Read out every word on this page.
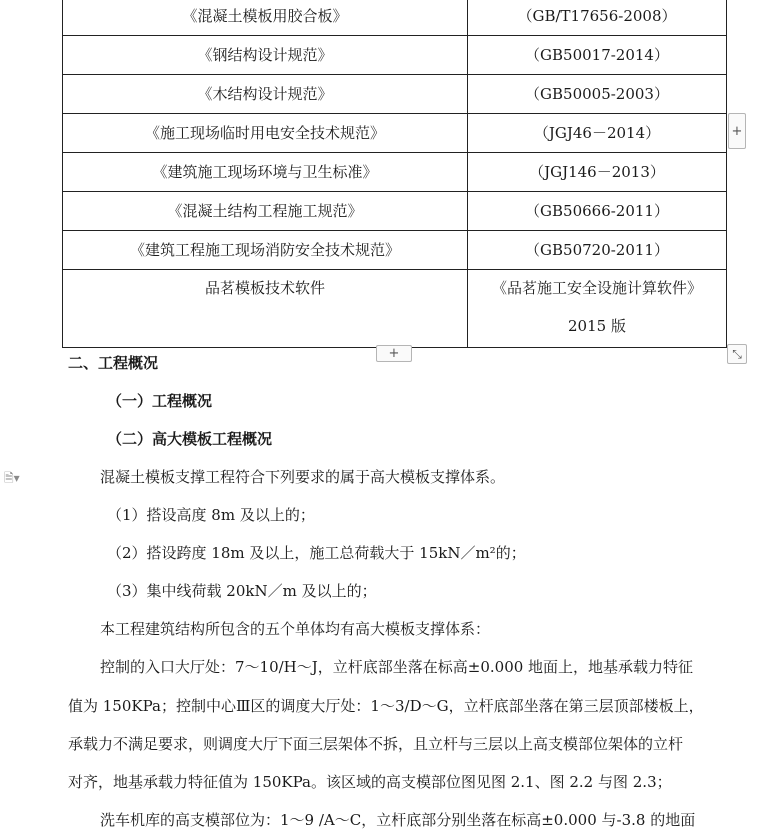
《混凝土模板用胶合板》	（GB/T17656-2008）
《钢结构设计规范》	（GB50017-2014）
《木结构设计规范》	（GB50005-2003）
《施工现场临时用电安全技术规范》	（JGJ46－2014）
《建筑施工现场环境与卫生标准》	（JGJ146－2013）
《混凝土结构工程施工规范》	（GB50666-2011）
《建筑工程施工现场消防安全技术规范》	（GB50720-2011）

品茗模板技术软件	《品茗施工安全设施计算软件》
2015 版
+
+	⤡
🗎▾
二、工程概况
（一）工程概况
（二）高大模板工程概况
混凝土模板支撑工程符合下列要求的属于高大模板支撑体系。
（1）搭设高度 8m 及以上的；
（2）搭设跨度 18m 及以上，施工总荷载大于 15kN／m²的；
（3）集中线荷载 20kN／m 及以上的；
本工程建筑结构所包含的五个单体均有高大模板支撑体系：
控制的入口大厅处：7～10/H～J，立杆底部坐落在标高±0.000 地面上，地基承载力特征
值为 150KPa；控制中心Ⅲ区的调度大厅处：1～3/D～G，立杆底部坐落在第三层顶部楼板上，
承载力不满足要求，则调度大厅下面三层架体不拆，且立杆与三层以上高支模部位架体的立杆
对齐，地基承载力特征值为 150KPa。该区域的高支模部位图见图 2.1、图 2.2 与图 2.3；
洗车机库的高支模部位为：1～9 /A～C，立杆底部分别坐落在标高±0.000 与-3.8 的地面
